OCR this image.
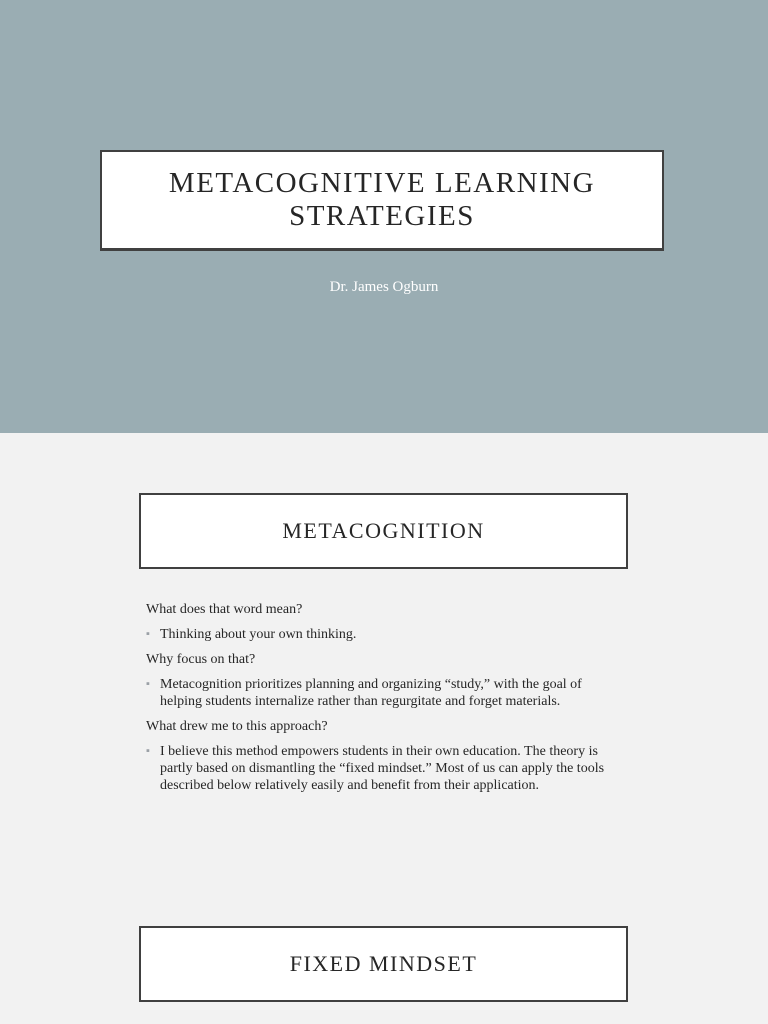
METACOGNITIVE LEARNING STRATEGIES
Dr. James Ogburn
METACOGNITION

What does that word mean?

▪ Thinking about your own thinking.

Why focus on that?

▪ Metacognition prioritizes planning and organizing “study,” with the goal of helping students internalize rather than regurgitate and forget materials.

What drew me to this approach?

▪ I believe this method empowers students in their own education. The theory is partly based on dismantling the “fixed mindset.” Most of us can apply the tools described below relatively easily and benefit from their application.

FIXED MINDSET
